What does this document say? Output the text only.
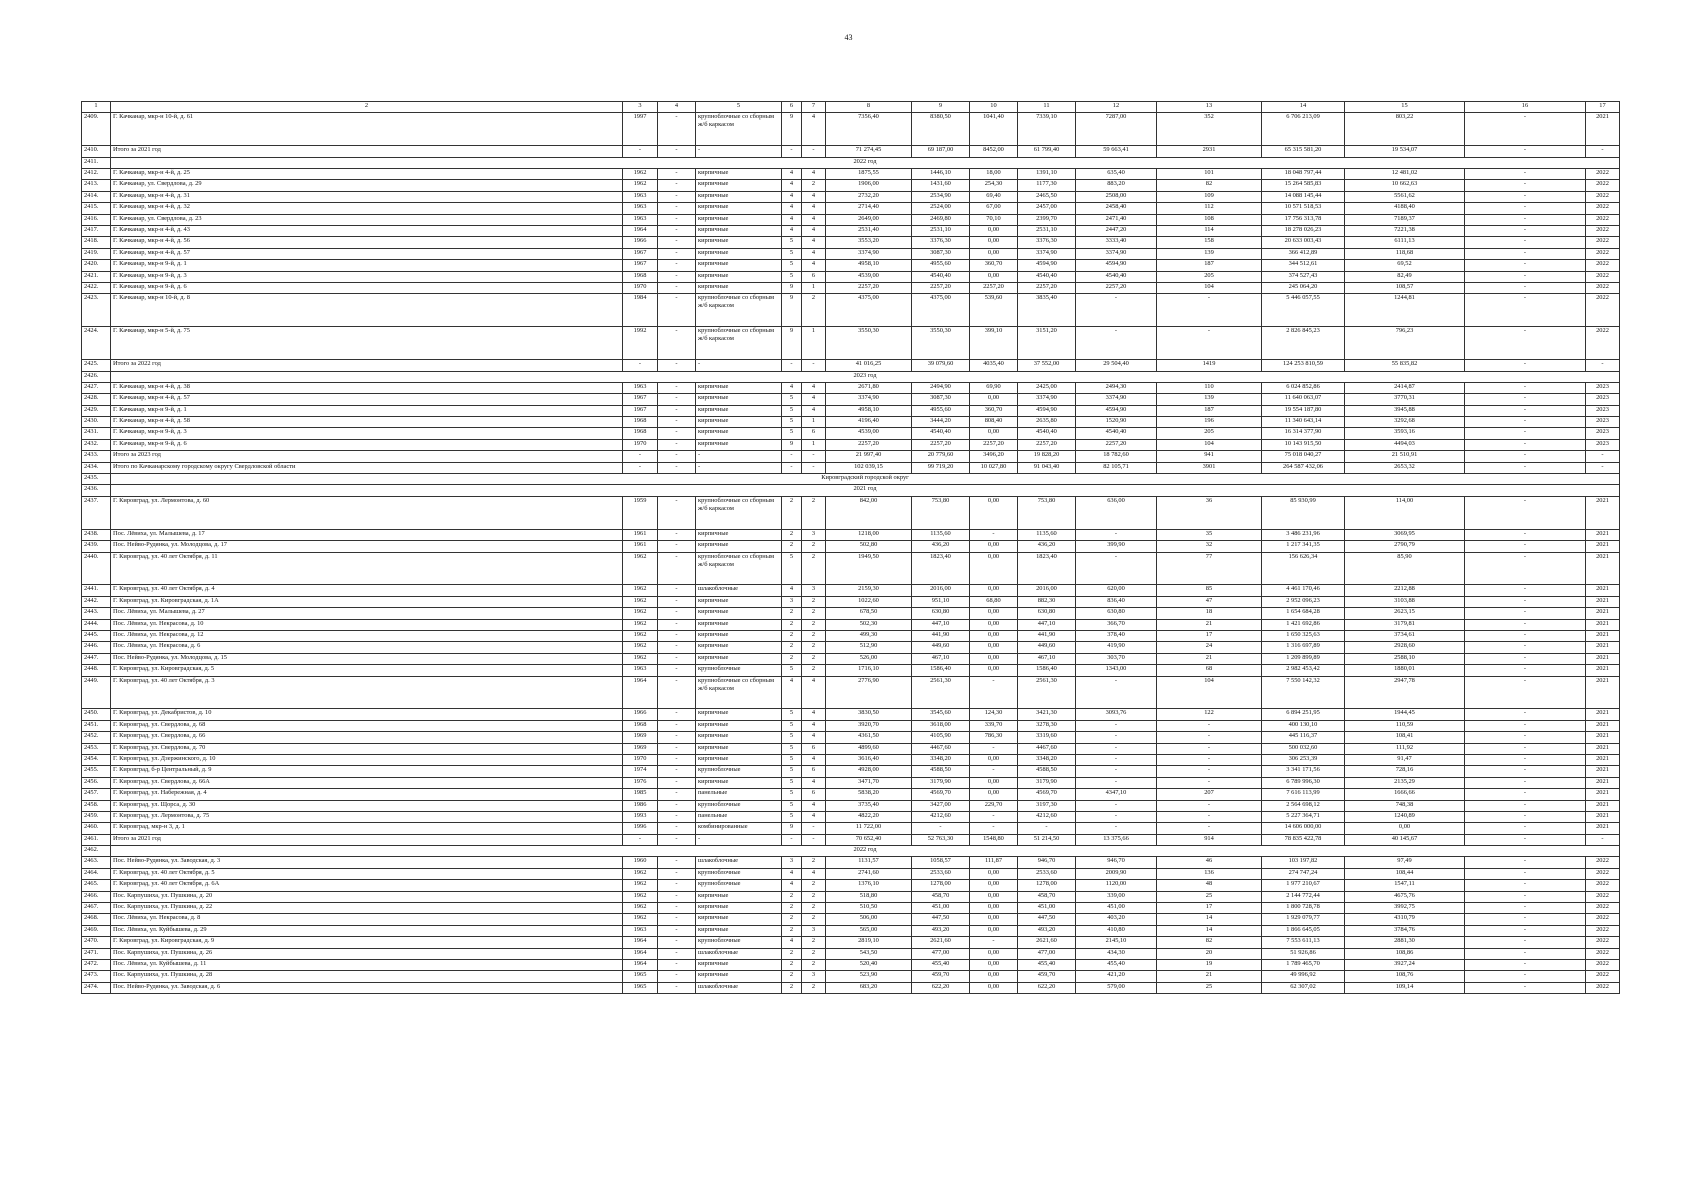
43
1	2	3	4	5	6	7	8	9	10	11	12	13	14	15	16	17
2409.	Г. Качканар, мкр-н 10-й, д. 61	1997	-	крупноблочные со сборным ж/б каркасом	9	4	7356,40	8380,50	1041,40	7339,10	7287,00	352	6 706 213,09	803,22	-	2021
2410.	Итого за 2021 год	-	-	-	-	-	71 274,45	69 187,00	8452,00	61 799,40	59 663,41	2931	65 315 581,20	19 534,07	-	-
2411.	2022 год															
2412.	Г. Качканар, мкр-н 4-й, д. 25	1962	-	кирпичные	4	4	1875,55	1446,10	18,00	1391,10	635,40	101	18 048 797,44	12 481,02	-	2022
2413.	Г. Качканар, ул. Свердлова, д. 29	1962	-	кирпичные	4	2	1906,00	1431,60	254,30	1177,30	883,20	82	15 264 585,83	10 662,63	-	2022
2414.	Г. Качканар, мкр-н 4-й, д. 31	1963	-	кирпичные	4	4	2732,20	2534,90	69,40	2465,50	2508,00	109	14 088 145,44	5561,62	-	2022
2415.	Г. Качканар, мкр-н 4-й, д. 32	1963	-	кирпичные	4	4	2714,40	2524,00	67,00	2457,00	2458,40	112	10 571 518,53	4188,40	-	2022
2416.	Г. Качканар, ул. Свердлова, д. 23	1963	-	кирпичные	4	4	2649,00	2469,80	70,10	2399,70	2471,40	108	17 756 313,78	7189,37	-	2022
2417.	Г. Качканар, мкр-н 4-й, д. 43	1964	-	кирпичные	4	4	2531,40	2531,10	0,00	2531,10	2447,20	114	18 278 026,23	7221,38	-	2022
2418.	Г. Качканар, мкр-н 4-й, д. 56	1966	-	кирпичные	5	4	3553,20	3376,30	0,00	3376,30	3333,40	158	20 633 003,43	6111,13	-	2022
2419.	Г. Качканар, мкр-н 4-й, д. 57	1967	-	кирпичные	5	4	3374,90	3087,30	0,00	3374,90	3374,90	139	366 412,89	118,68	-	2022
2420.	Г. Качканар, мкр-н 9-й, д. 1	1967	-	кирпичные	5	4	4958,10	4955,60	360,70	4594,90	4594,90	187	344 512,61	69,52	-	2022
2421.	Г. Качканар, мкр-н 9-й, д. 3	1968	-	кирпичные	5	6	4539,00	4540,40	0,00	4540,40	4540,40	205	374 527,43	82,49	-	2022
2422.	Г. Качканар, мкр-н 9-й, д. 6	1970	-	кирпичные	9	1	2257,20	2257,20	2257,20	2257,20	2257,20	104	245 064,20	108,57	-	2022
2423.	Г. Качканар, мкр-н 10-й, д. 8	1984	-	крупноблочные со сборным ж/б каркасом	9	2	4375,00	4375,00	539,60	3835,40	-	-	5 446 057,55	1244,81	-	2022
2424.	Г. Качканар, мкр-н 5-й, д. 75	1992	-	крупноблочные со сборным ж/б каркасом	9	1	3550,30	3550,30	399,10	3151,20	-	-	2 826 845,23	796,23	-	2022
2425.	Итого за 2022 год	-	-	-	-	-	41 016,25	39 079,60	4035,40	37 552,00	29 504,40	1419	124 253 810,59	55 835,82	-	-
2426.	2023 год															
2427.	Г. Качканар, мкр-н 4-й, д. 38	1963	-	кирпичные	4	4	2671,80	2494,90	69,90	2425,00	2494,30	110	6 024 852,86	2414,87	-	2023
2428.	Г. Качканар, мкр-н 4-й, д. 57	1967	-	кирпичные	5	4	3374,90	3087,30	0,00	3374,90	3374,90	139	11 640 063,07	3770,31	-	2023
2429.	Г. Качканар, мкр-н 9-й, д. 1	1967	-	кирпичные	5	4	4958,10	4955,60	360,70	4594,90	4594,90	187	19 554 187,80	3945,88	-	2023
2430.	Г. Качканар, мкр-н 4-й, д. 58	1968	-	кирпичные	5	1	4196,40	3444,20	808,40	2635,80	1520,90	196	11 340 643,14	3292,68	-	2023
2431.	Г. Качканар, мкр-н 9-й, д. 3	1968	-	кирпичные	5	6	4539,00	4540,40	0,00	4540,40	4540,40	205	16 314 377,90	3593,16	-	2023
2432.	Г. Качканар, мкр-н 9-й, д. 6	1970	-	кирпичные	9	1	2257,20	2257,20	2257,20	2257,20	2257,20	104	10 143 915,50	4494,03	-	2023
2433.	Итого за 2023 год	-	-	-	-	-	21 997,40	20 779,60	3496,20	19 828,20	18 782,60	941	75 018 040,27	21 510,91	-	-
2434.	Итого по Качканарскому городскому округу Свердловской области	-	-	-	-	-	102 039,15	99 719,20	10 027,80	91 043,40	82 105,71	3901	264 587 432,06	2653,32	-	-
2435.	Кировградский городской округ															
2436.	2021 год															
2437.	Г. Кировград, ул. Лермонтова, д. 60	1959	-	крупноблочные со сборным ж/б каркасом	2	2	842,00	753,80	0,00	753,80	636,00	36	85 930,99	114,00	-	2021
2438.	Пос. Лёвиха, ул. Малышева, д. 17	1961	-	кирпичные	2	3	1218,00	1135,60	-	1135,60	-	35	3 486 231,96	3069,95	-	2021
2439.	Пос. Нейво-Рудянка, ул. Молодцова, д. 17	1961	-	кирпичные	2	2	502,80	436,20	0,00	436,20	399,90	32	1 217 341,35	2790,79	-	2021
2440.	Г. Кировград, ул. 40 лет Октября, д. 11	1962	-	крупноблочные со сборным ж/б каркасом	5	2	1949,50	1823,40	0,00	1823,40	-	77	156 626,34	85,90	-	2021
2441.	Г. Кировград, ул. 40 лет Октября, д. 4	1962	-	шлакоблочные	4	3	2159,30	2016,00	0,00	2016,00	620,00	85	4 461 170,46	2212,88	-	2021
2442.	Г. Кировград, ул. Кировградская, д. 1А	1962	-	кирпичные	3	2	1022,60	951,10	68,80	882,30	836,40	47	2 952 096,23	3103,88	-	2021
2443.	Пос. Лёвиха, ул. Малышева, д. 27	1962	-	кирпичные	2	2	678,50	630,80	0,00	630,80	630,80	18	1 654 684,28	2623,15	-	2021
2444.	Пос. Лёвиха, ул. Некрасова, д. 10	1962	-	кирпичные	2	2	502,30	447,10	0,00	447,10	366,70	21	1 421 692,86	3179,81	-	2021
2445.	Пос. Лёвиха, ул. Некрасова, д. 12	1962	-	кирпичные	2	2	499,30	441,90	0,00	441,90	378,40	17	1 650 325,63	3734,61	-	2021
2446.	Пос. Лёвиха, ул. Некрасова, д. 6	1962	-	кирпичные	2	2	512,90	449,60	0,00	449,60	419,90	24	1 316 697,89	2928,60	-	2021
2447.	Пос. Нейво-Рудянка, ул. Молодцова, д. 15	1962	-	кирпичные	2	2	526,00	467,10	0,00	467,10	303,70	21	1 209 899,89	2588,10	-	2021
2448.	Г. Кировград, ул. Кировградская, д. 5	1963	-	крупноблочные	5	2	1716,10	1586,40	0,00	1586,40	1343,00	68	2 982 453,42	1880,01	-	2021
2449.	Г. Кировград, ул. 40 лет Октября, д. 3	1964	-	крупноблочные со сборным ж/б каркасом	4	4	2776,90	2561,30	-	2561,30	-	104	7 550 142,32	2947,78	-	2021
2450.	Г. Кировград, ул. Декабристов, д. 10	1966	-	кирпичные	5	4	3830,50	3545,60	124,30	3421,30	3093,76	122	6 894 251,95	1944,45	-	2021
2451.	Г. Кировград, ул. Свердлова, д. 68	1968	-	кирпичные	5	4	3920,70	3618,00	339,70	3278,30	-	-	400 130,10	110,59	-	2021
2452.	Г. Кировград, ул. Свердлова, д. 66	1969	-	кирпичные	5	4	4361,50	4105,90	786,30	3319,60	-	-	445 116,37	108,41	-	2021
2453.	Г. Кировград, ул. Свердлова, д. 70	1969	-	кирпичные	5	6	4899,60	4467,60	-	4467,60	-	-	500 032,60	111,92	-	2021
2454.	Г. Кировград, ул. Дзержинского, д. 10	1970	-	кирпичные	5	4	3616,40	3348,20	0,00	3348,20	-	-	306 253,39	91,47	-	2021
2455.	Г. Кировград, б-р Центральный, д. 9	1974	-	крупноблочные	5	6	4928,00	4588,50	-	4588,50	-	-	3 341 171,56	728,16	-	2021
2456.	Г. Кировград, ул. Свердлова, д. 66А	1976	-	кирпичные	5	4	3471,70	3179,90	0,00	3179,90	-	-	6 789 996,30	2135,29	-	2021
2457.	Г. Кировград, ул. Набережная, д. 4	1985	-	панельные	5	6	5838,20	4569,70	0,00	4569,70	4347,10	207	7 616 113,99	1666,66	-	2021
2458.	Г. Кировград, ул. Щорса, д. 30	1986	-	крупноблочные	5	4	3735,40	3427,00	229,70	3197,30	-	-	2 564 698,12	748,38	-	2021
2459.	Г. Кировград, ул. Лермонтова, д. 75	1993	-	панельные	5	4	4822,20	4212,60	-	4212,60	-	-	5 227 364,71	1240,89	-	2021
2460.	Г. Кировград, мкр-н 3, д. 1	1996	-	комбинированные	9	-	11 722,00	-	-	-	-	-	14 606 000,00	0,00	-	2021
2461.	Итого за 2021 год	-	-	-	-	-	70 652,40	52 763,30	1548,80	51 214,50	13 375,66	914	78 835 422,78	40 145,67	-	-
2462.	2022 год															
2463.	Пос. Нейво-Рудянка, ул. Заводская, д. 3	1960	-	шлакоблочные	3	2	1131,57	1058,57	111,87	946,70	946,70	46	103 197,82	97,49	-	2022
2464.	Г. Кировград, ул. 40 лет Октября, д. 5	1962	-	крупноблочные	4	4	2741,60	2533,60	0,00	2533,60	2009,90	136	274 747,24	108,44	-	2022
2465.	Г. Кировград, ул. 40 лет Октября, д. 6А	1962	-	крупноблочные	4	2	1376,10	1278,00	0,00	1278,00	1120,00	48	1 977 210,67	1547,11	-	2022
2466.	Пос. Карпушиха, ул. Пушкина, д. 20	1962	-	кирпичные	2	2	518,80	458,70	0,00	458,70	339,00	25	2 144 772,44	4675,76	-	2022
2467.	Пос. Карпушиха, ул. Пушкина, д. 22	1962	-	кирпичные	2	2	510,50	451,00	0,00	451,00	451,00	17	1 800 728,78	3992,75	-	2022
2468.	Пос. Лёвиха, ул. Некрасова, д. 8	1962	-	кирпичные	2	2	506,00	447,50	0,00	447,50	403,20	14	1 929 079,77	4310,79	-	2022
2469.	Пос. Лёвиха, ул. Куйбышева, д. 29	1963	-	кирпичные	2	3	565,00	493,20	0,00	493,20	410,80	14	1 866 645,05	3784,76	-	2022
2470.	Г. Кировград, ул. Кировградская, д. 9	1964	-	крупноблочные	4	2	2819,10	2621,60	-	2621,60	2145,10	82	7 553 611,13	2881,30	-	2022
2471.	Пос. Карпушиха, ул. Пушкина, д. 26	1964	-	шлакоблочные	2	2	543,50	477,00	0,00	477,00	434,30	20	51 926,86	108,86	-	2022
2472.	Пос. Лёвиха, ул. Куйбышева, д. 11	1964	-	кирпичные	2	2	520,40	455,40	0,00	455,40	455,40	19	1 789 465,70	3927,24	-	2022
2473.	Пос. Карпушиха, ул. Пушкина, д. 28	1965	-	кирпичные	2	3	523,90	459,70	0,00	459,70	421,20	21	49 996,92	108,76	-	2022
2474.	Пос. Нейво-Рудянка, ул. Заводская, д. 6	1965	-	шлакоблочные	2	2	683,20	622,20	0,00	622,20	579,00	25	62 307,02	109,14	-	2022
